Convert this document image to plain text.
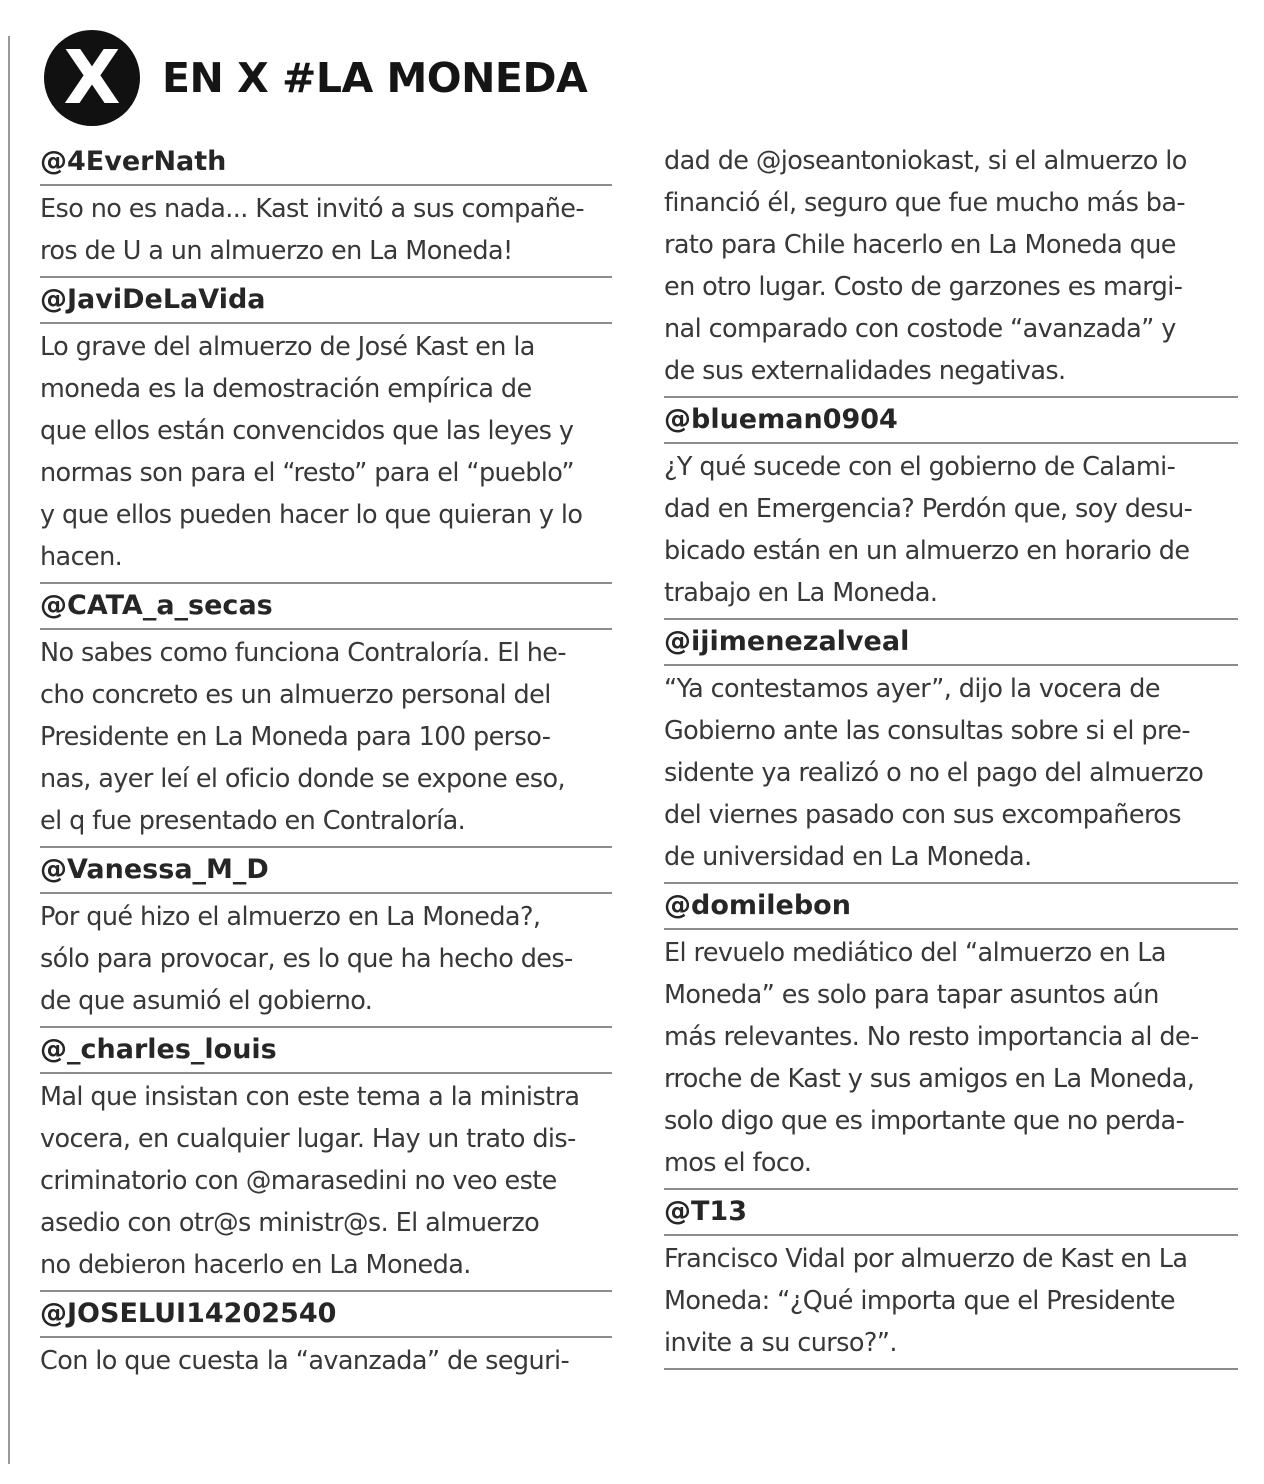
X	EN X #LA MONEDA
@4EverNath
Eso no es nada... Kast invitó a sus compañe-
ros de U a un almuerzo en La Moneda!
@JaviDeLaVida
Lo grave del almuerzo de José Kast en la
moneda es la demostración empírica de
que ellos están convencidos que las leyes y
normas son para el “resto” para el “pueblo”
y que ellos pueden hacer lo que quieran y lo
hacen.
@CATA_a_secas
No sabes como funciona Contraloría. El he-
cho concreto es un almuerzo personal del
Presidente en La Moneda para 100 perso-
nas, ayer leí el oficio donde se expone eso,
el q fue presentado en Contraloría.
@Vanessa_M_D
Por qué hizo el almuerzo en La Moneda?,
sólo para provocar, es lo que ha hecho des-
de que asumió el gobierno.
@_charles_louis
Mal que insistan con este tema a la ministra
vocera, en cualquier lugar. Hay un trato dis-
criminatorio con @marasedini no veo este
asedio con otr@s ministr@s. El almuerzo
no debieron hacerlo en La Moneda.
@JOSELUI14202540
Con lo que cuesta la “avanzada” de seguri-
dad de @joseantoniokast, si el almuerzo lo
financió él, seguro que fue mucho más ba-
rato para Chile hacerlo en La Moneda que
en otro lugar. Costo de garzones es margi-
nal comparado con costode “avanzada” y
de sus externalidades negativas.
@blueman0904
¿Y qué sucede con el gobierno de Calami-
dad en Emergencia? Perdón que, soy desu-
bicado están en un almuerzo en horario de
trabajo en La Moneda.
@ijimenezalveal
“Ya contestamos ayer”, dijo la vocera de
Gobierno ante las consultas sobre si el pre-
sidente ya realizó o no el pago del almuerzo
del viernes pasado con sus excompañeros
de universidad en La Moneda.
@domilebon
El revuelo mediático del “almuerzo en La
Moneda” es solo para tapar asuntos aún
más relevantes. No resto importancia al de-
rroche de Kast y sus amigos en La Moneda,
solo digo que es importante que no perda-
mos el foco.
@T13
Francisco Vidal por almuerzo de Kast en La
Moneda: “¿Qué importa que el Presidente
invite a su curso?”.
